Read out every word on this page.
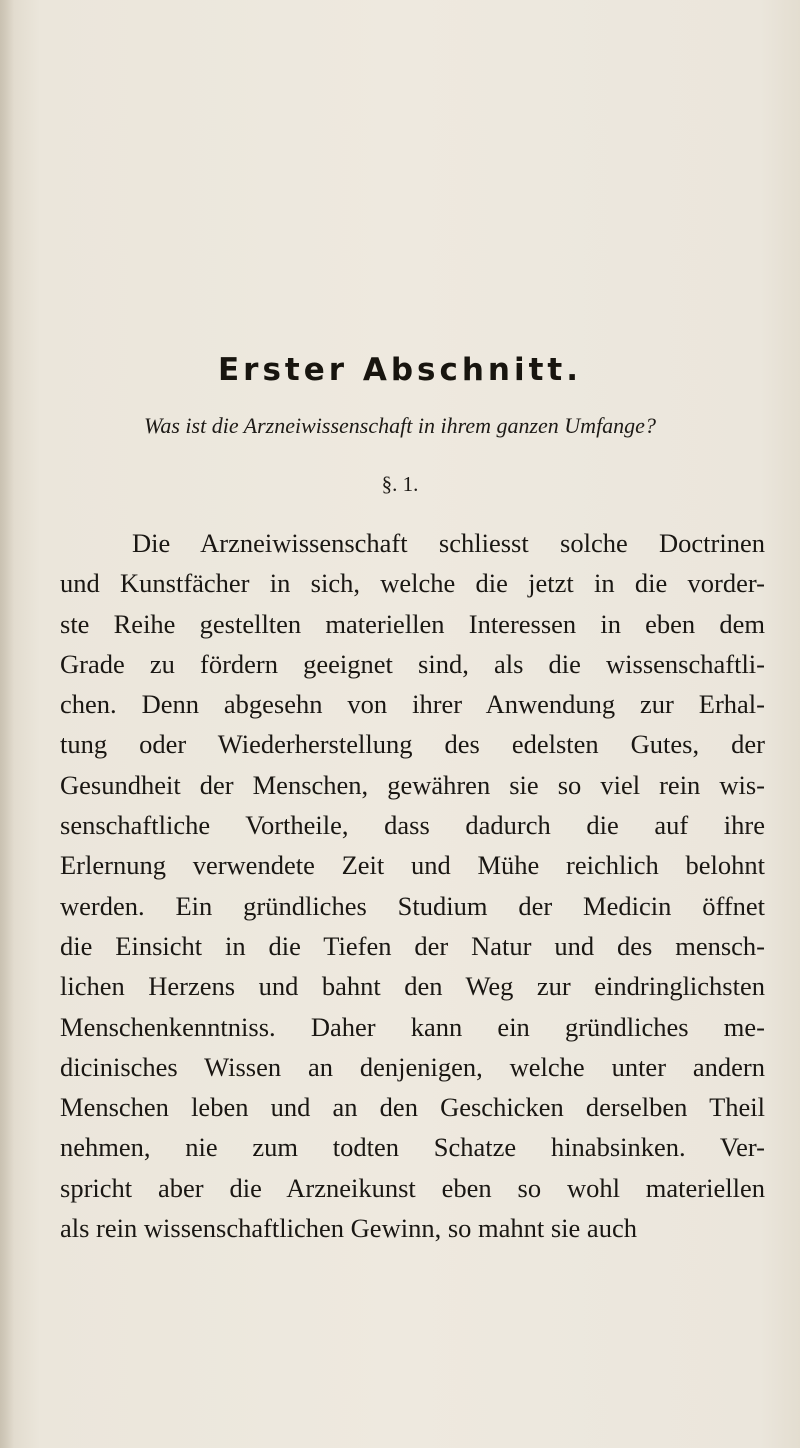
Erster Abschnitt.
Was ist die Arzneiwissenschaft in ihrem ganzen Umfange?
§. 1.
Die Arzneiwissenschaft schliesst solche Doctrinen
und Kunstfächer in sich, welche die jetzt in die vorder-
ste Reihe gestellten materiellen Interessen in eben dem
Grade zu fördern geeignet sind, als die wissenschaftli-
chen. Denn abgesehn von ihrer Anwendung zur Erhal-
tung oder Wiederherstellung des edelsten Gutes, der
Gesundheit der Menschen, gewähren sie so viel rein wis-
senschaftliche Vortheile, dass dadurch die auf ihre
Erlernung verwendete Zeit und Mühe reichlich belohnt
werden. Ein gründliches Studium der Medicin öffnet
die Einsicht in die Tiefen der Natur und des mensch-
lichen Herzens und bahnt den Weg zur eindringlichsten
Menschenkenntniss. Daher kann ein gründliches me-
dicinisches Wissen an denjenigen, welche unter andern
Menschen leben und an den Geschicken derselben Theil
nehmen, nie zum todten Schatze hinabsinken. Ver-
spricht aber die Arzneikunst eben so wohl materiellen
als rein wissenschaftlichen Gewinn, so mahnt sie auch
